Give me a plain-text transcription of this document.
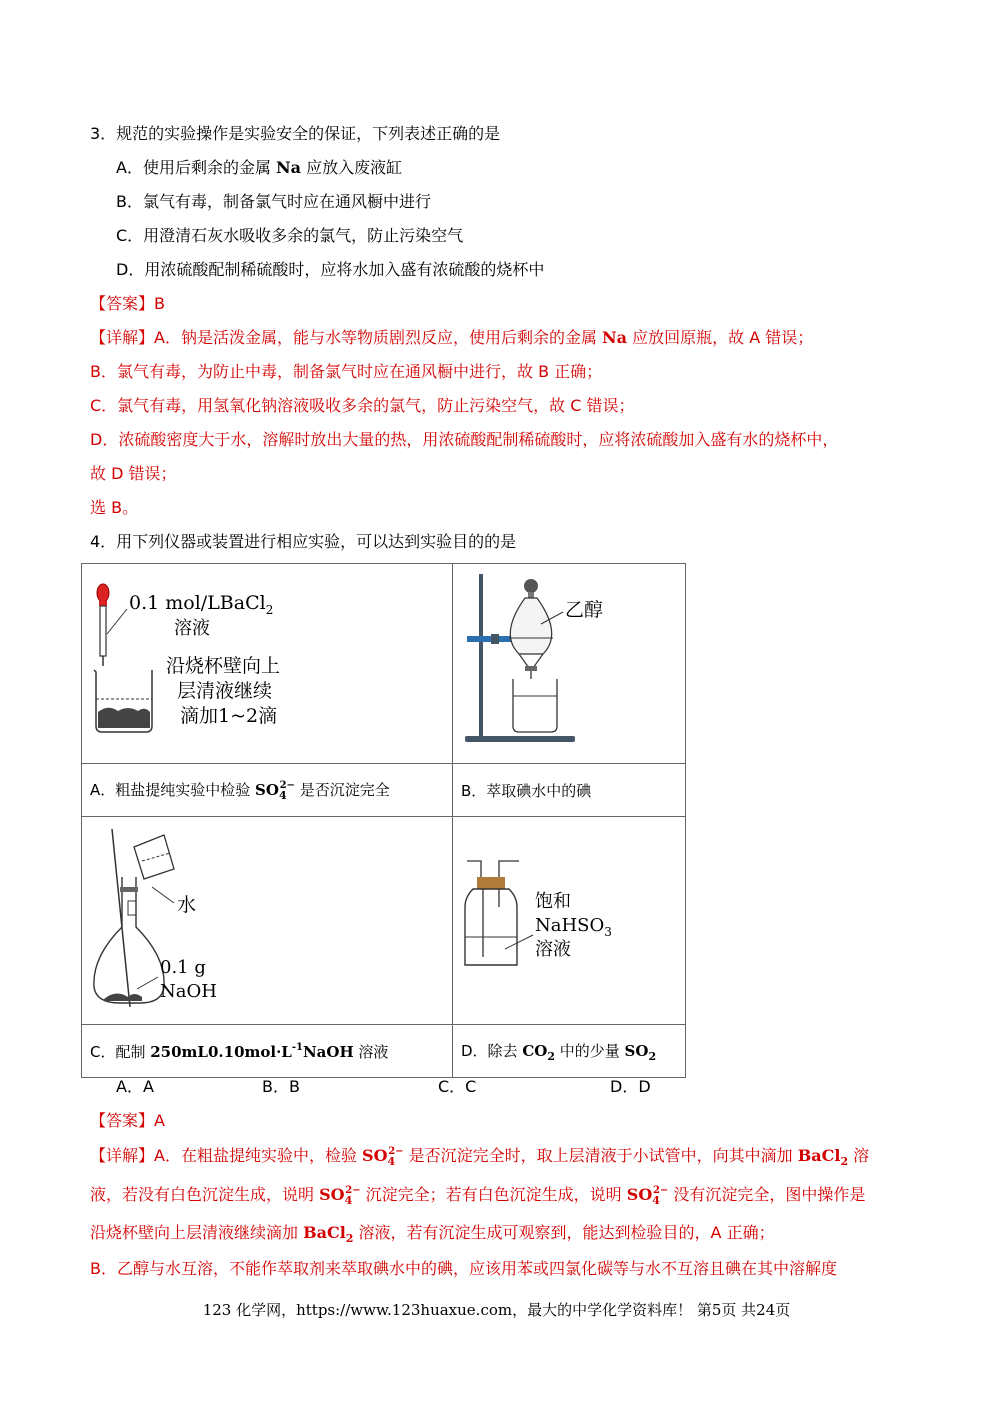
3．规范的实验操作是实验安全的保证，下列表述正确的是
A．使用后剩余的金属 Na 应放入废液缸
B．氯气有毒，制备氯气时应在通风橱中进行
C．用澄清石灰水吸收多余的氯气，防止污染空气
D．用浓硫酸配制稀硫酸时，应将水加入盛有浓硫酸的烧杯中
【答案】B
【详解】A．钠是活泼金属，能与水等物质剧烈反应，使用后剩余的金属 Na 应放回原瓶，故 A 错误；
B．氯气有毒，为防止中毒，制备氯气时应在通风橱中进行，故 B 正确；
C．氯气有毒，用氢氧化钠溶液吸收多余的氯气，防止污染空气，故 C 错误；
D．浓硫酸密度大于水，溶解时放出大量的热，用浓硫酸配制稀硫酸时，应将浓硫酸加入盛有水的烧杯中，
故 D 错误；
选 B。
4．用下列仪器或装置进行相应实验，可以达到实验目的的是
0.1 mol/LBaCl$_2$
溶液
沿烧杯壁向上
层清液继续
滴加1~2滴	乙醇

A．粗盐提纯实验中检验 $SO_4^{2-}$ 是否沉淀完全	B．萃取碘水中的碘

水
0.1 g
NaOH	饱和
NaHSO$_3$
溶液

C．配制 $250mL0.10mol\cdot L^{-1}NaOH$ 溶液	D．除去 $CO_2$ 中的少量 $SO_2$
A．A	B．B	C．C	D．D
【答案】A
【详解】A．在粗盐提纯实验中，检验 $SO_4^{2-}$ 是否沉淀完全时，取上层清液于小试管中，向其中滴加 BaCl$_2$ 溶
液，若没有白色沉淀生成，说明 $SO_4^{2-}$ 沉淀完全；若有白色沉淀生成，说明 $SO_4^{2-}$ 没有沉淀完全，图中操作是
沿烧杯壁向上层清液继续滴加 BaCl$_2$ 溶液，若有沉淀生成可观察到，能达到检验目的，A 正确；
B．乙醇与水互溶，不能作萃取剂来萃取碘水中的碘，应该用苯或四氯化碳等与水不互溶且碘在其中溶解度
123 化学网，https://www.123huaxue.com，最大的中学化学资料库！ 第5页 共24页
